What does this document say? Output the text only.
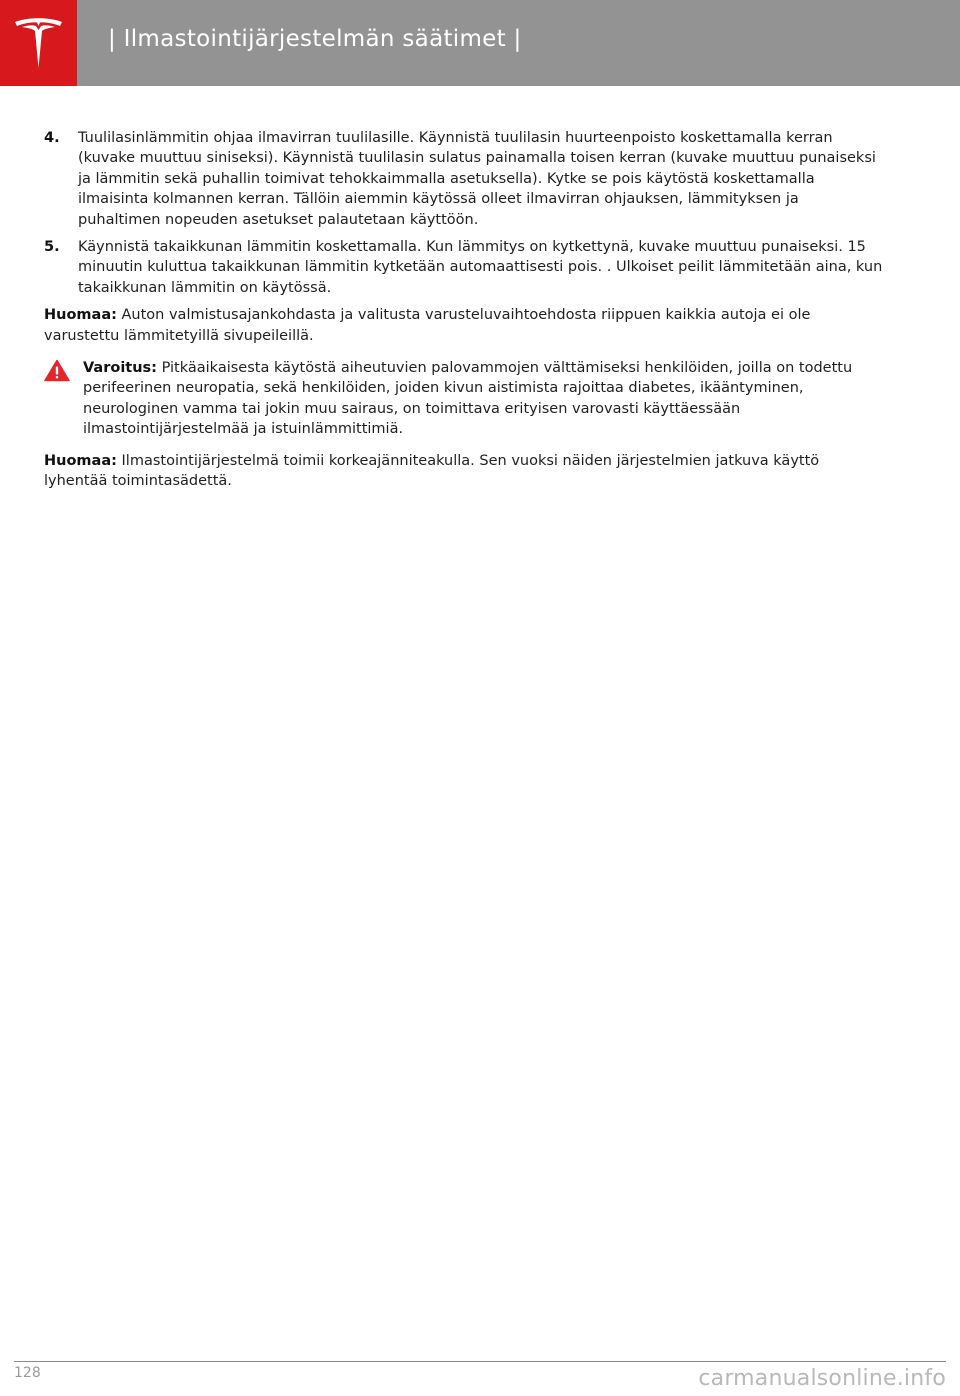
| Ilmastointijärjestelmän säätimet |
4. Tuulilasinlämmitin ohjaa ilmavirran tuulilasille. Käynnistä tuulilasin huurteenpoisto koskettamalla kerran (kuvake muuttuu siniseksi). Käynnistä tuulilasin sulatus painamalla toisen kerran (kuvake muuttuu punaiseksi ja lämmitin sekä puhallin toimivat tehokkaimmalla asetuksella). Kytke se pois käytöstä koskettamalla ilmaisinta kolmannen kerran. Tällöin aiemmin käytössä olleet ilmavirran ohjauksen, lämmityksen ja puhaltimen nopeuden asetukset palautetaan käyttöön.
5. Käynnistä takaikkunan lämmitin koskettamalla. Kun lämmitys on kytkettynä, kuvake muuttuu punaiseksi. 15 minuutin kuluttua takaikkunan lämmitin kytketään automaattisesti pois. . Ulkoiset peilit lämmitetään aina, kun takaikkunan lämmitin on käytössä.

Huomaa: Auton valmistusajankohdasta ja valitusta varusteluvaihtoehdosta riippuen kaikkia autoja ei ole varustettu lämmitetyillä sivupeileillä.

Varoitus: Pitkäaikaisesta käytöstä aiheutuvien palovammojen välttämiseksi henkilöiden, joilla on todettu perifeerinen neuropatia, sekä henkilöiden, joiden kivun aistimista rajoittaa diabetes, ikääntyminen, neurologinen vamma tai jokin muu sairaus, on toimittava erityisen varovasti käyttäessään ilmastointijärjestelmää ja istuinlämmittimiä.

Huomaa: Ilmastointijärjestelmä toimii korkeajänniteakulla. Sen vuoksi näiden järjestelmien jatkuva käyttö lyhentää toimintasädettä.

128	carmanualsonline.info
